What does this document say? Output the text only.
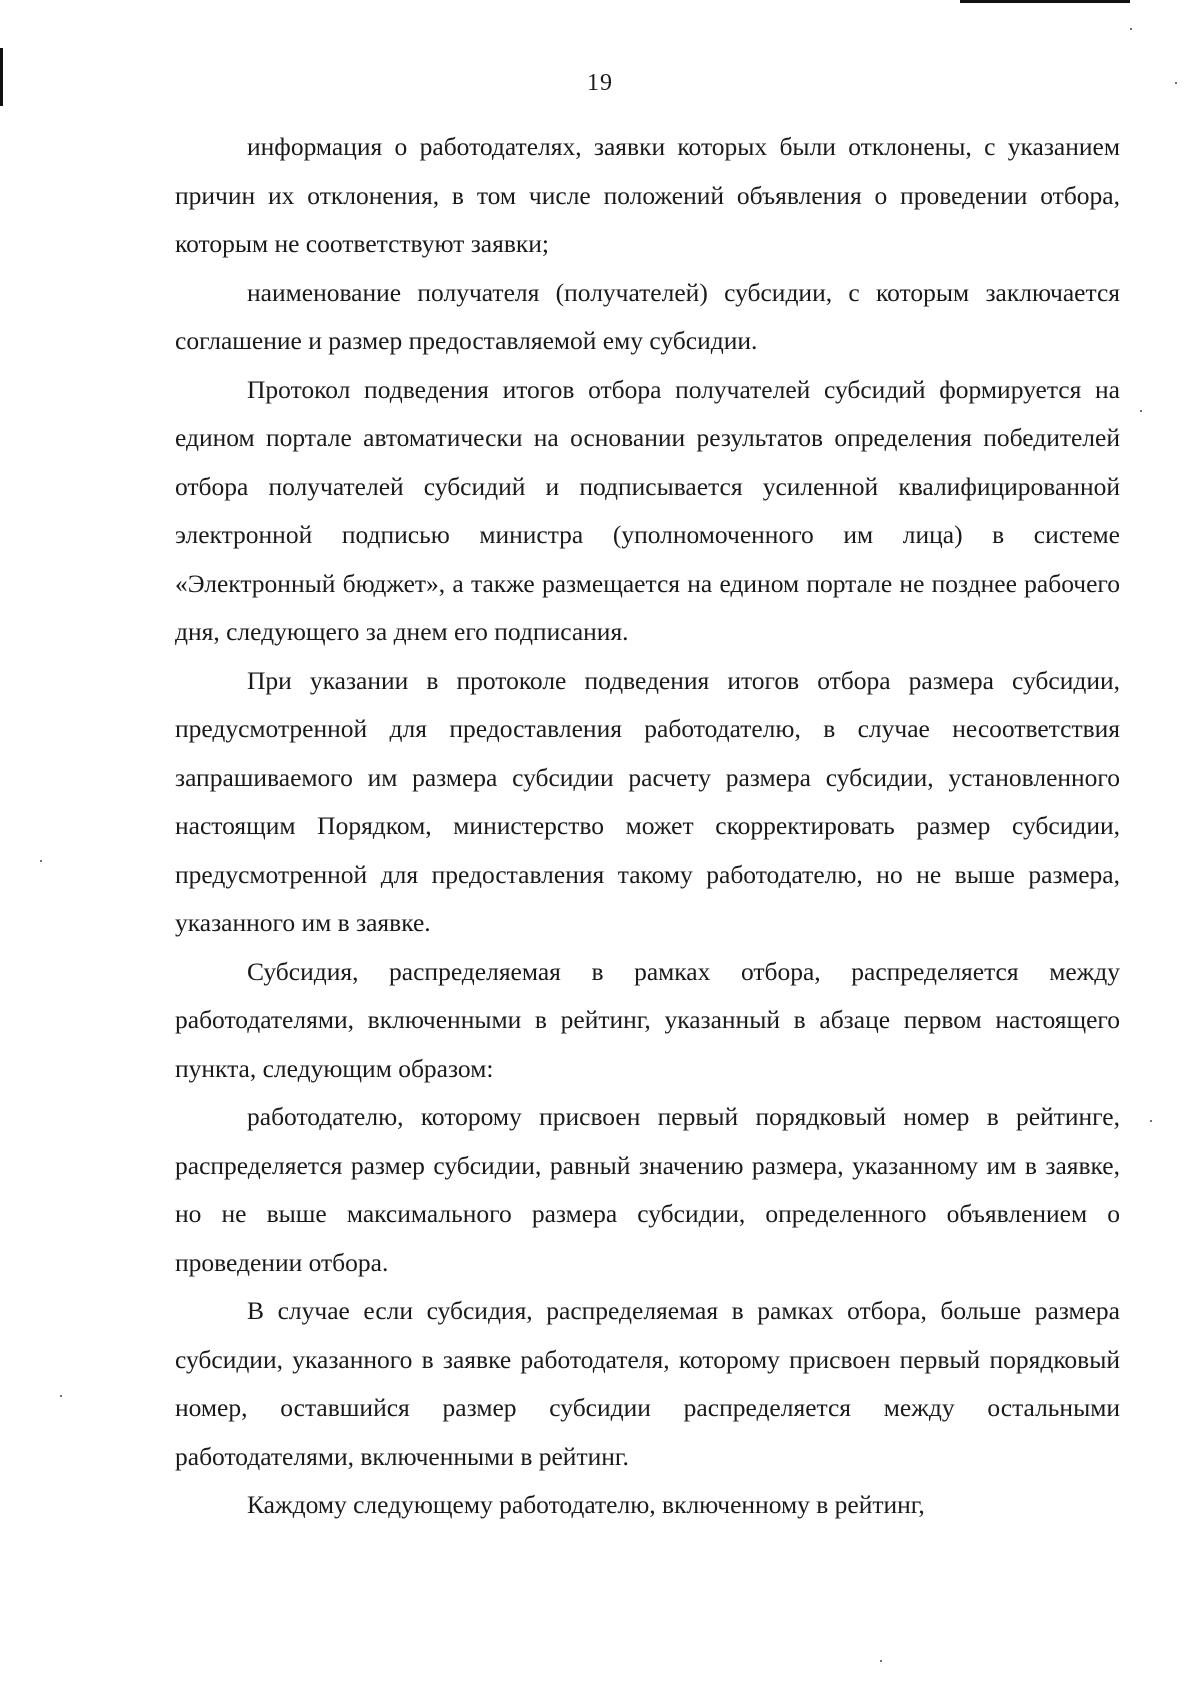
19

информация о работодателях, заявки которых были отклонены, с указанием причин их отклонения, в том числе положений объявления о проведении отбора, которым не соответствуют заявки;

наименование получателя (получателей) субсидии, с которым заключается соглашение и размер предоставляемой ему субсидии.

Протокол подведения итогов отбора получателей субсидий формируется на едином портале автоматически на основании результатов определения победителей отбора получателей субсидий и подписывается усиленной квалифицированной электронной подписью министра (уполномоченного им лица) в системе «Электронный бюджет», а также размещается на едином портале не позднее рабочего дня, следующего за днем его подписания.

При указании в протоколе подведения итогов отбора размера субсидии, предусмотренной для предоставления работодателю, в случае несоответствия запрашиваемого им размера субсидии расчету размера субсидии, установленного настоящим Порядком, министерство может скорректировать размер субсидии, предусмотренной для предоставления такому работодателю, но не выше размера, указанного им в заявке.

Субсидия, распределяемая в рамках отбора, распределяется между работодателями, включенными в рейтинг, указанный в абзаце первом настоящего пункта, следующим образом:

работодателю, которому присвоен первый порядковый номер в рейтинге, распределяется размер субсидии, равный значению размера, указанному им в заявке, но не выше максимального размера субсидии, определенного объявлением о проведении отбора.

В случае если субсидия, распределяемая в рамках отбора, больше размера субсидии, указанного в заявке работодателя, которому присвоен первый порядковый номер, оставшийся размер субсидии распределяется между остальными работодателями, включенными в рейтинг.

Каждому следующему работодателю, включенному в рейтинг,
